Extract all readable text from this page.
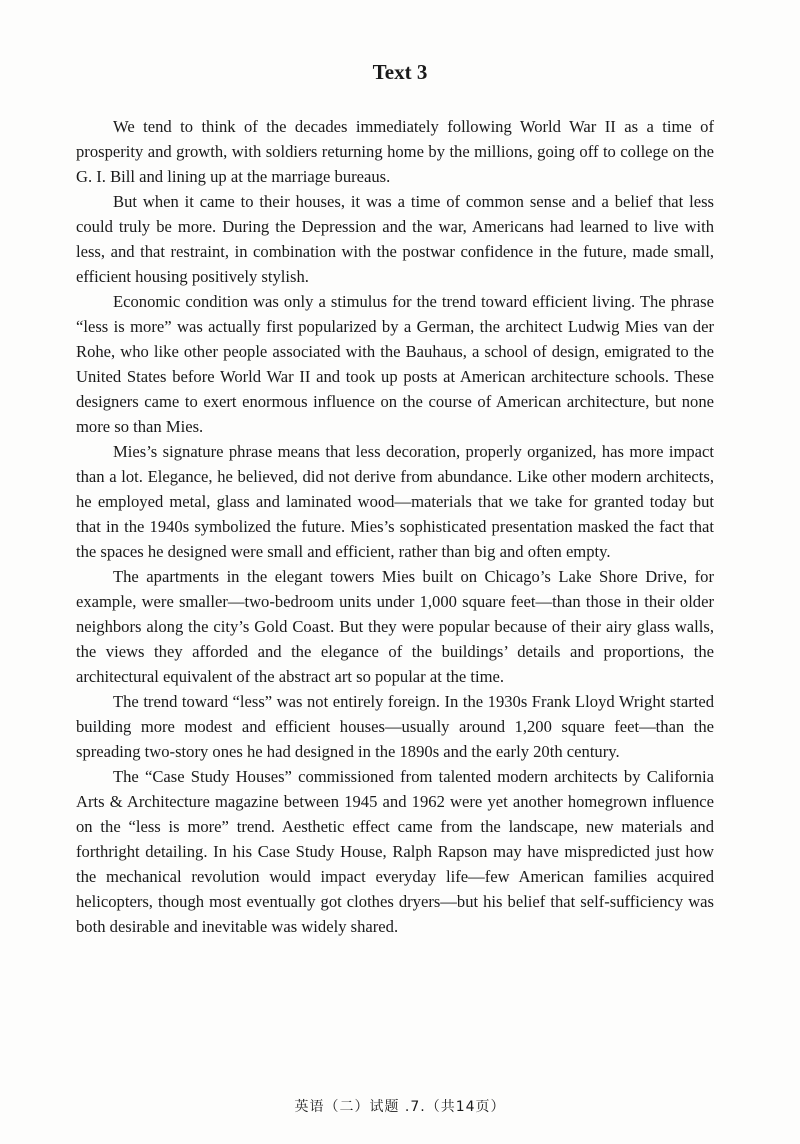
Text 3

We tend to think of the decades immediately following World War II as a time of prosperity and growth, with soldiers returning home by the millions, going off to college on the G. I. Bill and lining up at the marriage bureaus.

But when it came to their houses, it was a time of common sense and a belief that less could truly be more. During the Depression and the war, Americans had learned to live with less, and that restraint, in combination with the postwar confidence in the future, made small, efficient housing positively stylish.

Economic condition was only a stimulus for the trend toward efficient living. The phrase “less is more” was actually first popularized by a German, the architect Ludwig Mies van der Rohe, who like other people associated with the Bauhaus, a school of design, emigrated to the United States before World War II and took up posts at American architecture schools. These designers came to exert enormous influence on the course of American architecture, but none more so than Mies.

Mies’s signature phrase means that less decoration, properly organized, has more impact than a lot. Elegance, he believed, did not derive from abundance. Like other modern architects, he employed metal, glass and laminated wood—materials that we take for granted today but that in the 1940s symbolized the future. Mies’s sophisticated presentation masked the fact that the spaces he designed were small and efficient, rather than big and often empty.

The apartments in the elegant towers Mies built on Chicago’s Lake Shore Drive, for example, were smaller—two-bedroom units under 1,000 square feet—than those in their older neighbors along the city’s Gold Coast. But they were popular because of their airy glass walls, the views they afforded and the elegance of the buildings’ details and proportions, the architectural equivalent of the abstract art so popular at the time.

The trend toward “less” was not entirely foreign. In the 1930s Frank Lloyd Wright started building more modest and efficient houses—usually around 1,200 square feet—than the spreading two-story ones he had designed in the 1890s and the early 20th century.

The “Case Study Houses” commissioned from talented modern architects by California Arts & Architecture magazine between 1945 and 1962 were yet another homegrown influence on the “less is more” trend. Aesthetic effect came from the landscape, new materials and forthright detailing. In his Case Study House, Ralph Rapson may have mispredicted just how the mechanical revolution would impact everyday life—few American families acquired helicopters, though most eventually got clothes dryers—but his belief that self-sufficiency was both desirable and inevitable was widely shared.

英语（二）试题 .7.（共14页）
